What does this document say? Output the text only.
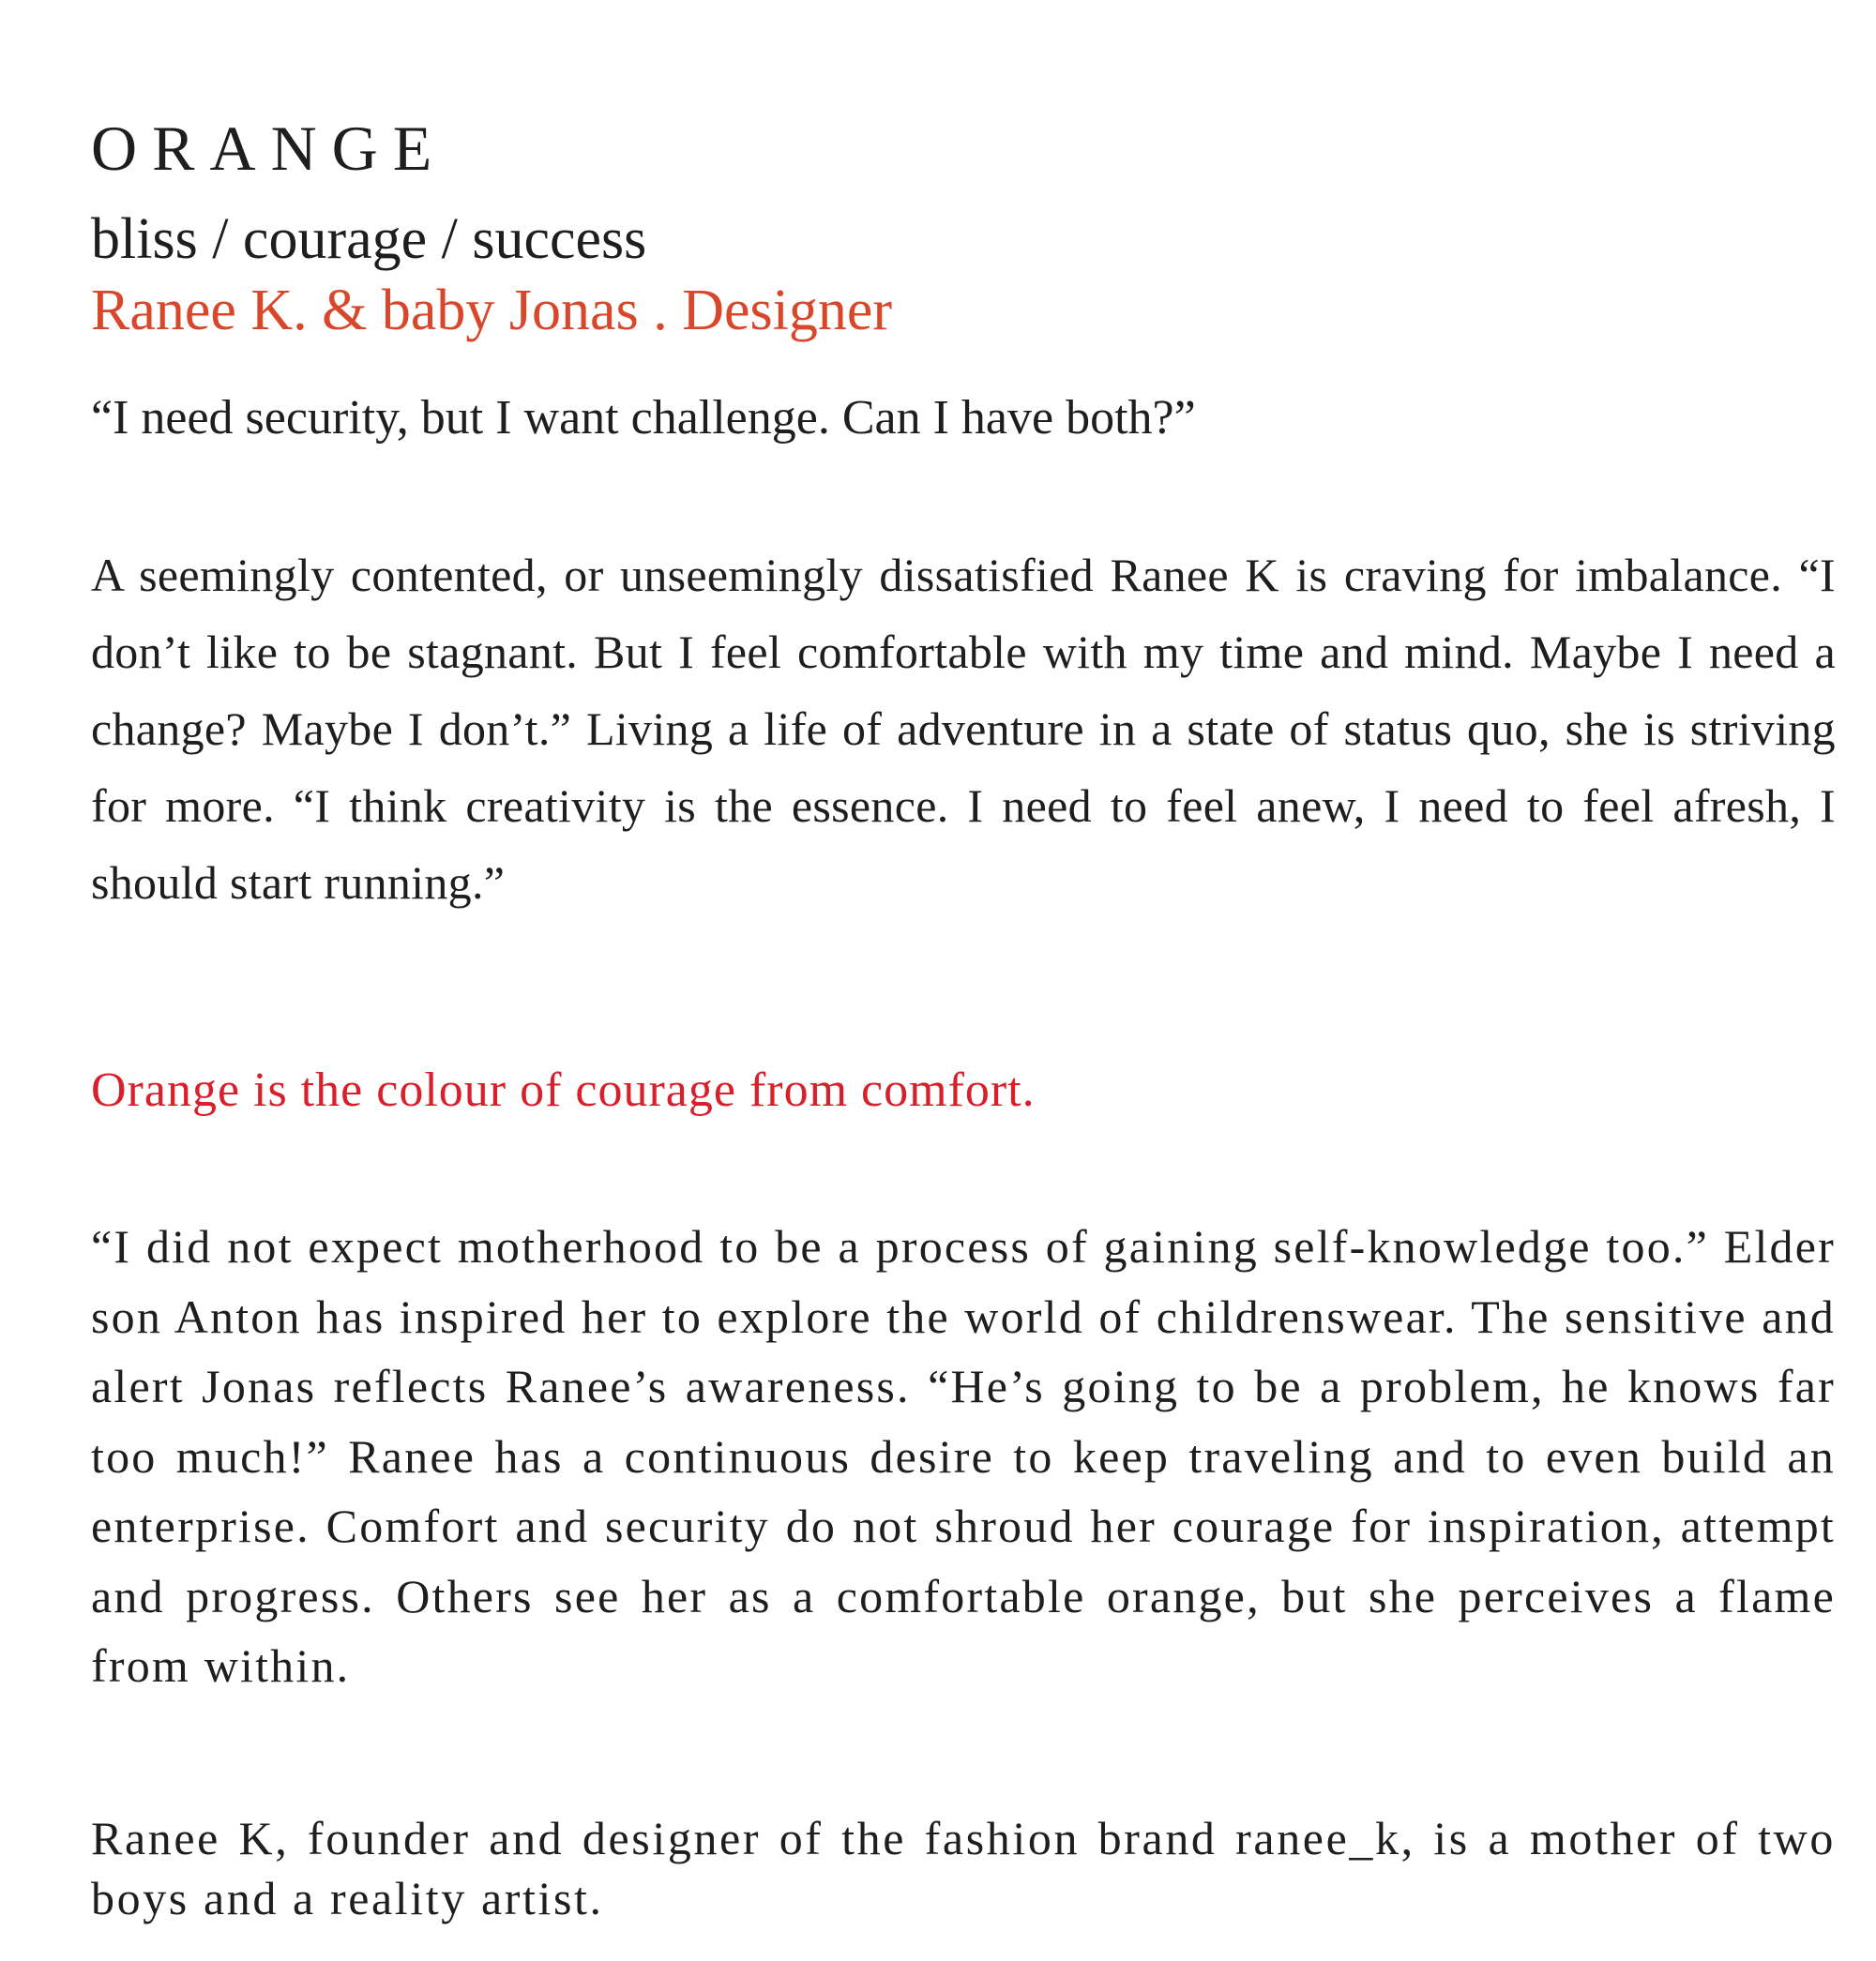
ORANGE
bliss / courage / success
Ranee K. & baby Jonas . Designer
“I need security, but I want challenge. Can I have both?”

A seemingly contented, or unseemingly dissatisfied Ranee K is craving for imbalance. “I don’t like to be stagnant. But I feel comfortable with my time and mind. Maybe I need a change? Maybe I don’t.” Living a life of adventure in a state of status quo, she is striving for more. “I think creativity is the essence. I need to feel anew, I need to feel afresh, I should start running.”

Orange is the colour of courage from comfort.

“I did not expect motherhood to be a process of gaining self-knowledge too.” Elder son Anton has inspired her to explore the world of childrenswear. The sensitive and alert Jonas reflects Ranee’s awareness. “He’s going to be a problem, he knows far too much!” Ranee has a continuous desire to keep traveling and to even build an enterprise. Comfort and security do not shroud her courage for inspiration, attempt and progress. Others see her as a comfortable orange, but she perceives a flame from within.

Ranee K, founder and designer of the fashion brand ranee_k, is a mother of two boys and a reality artist.
